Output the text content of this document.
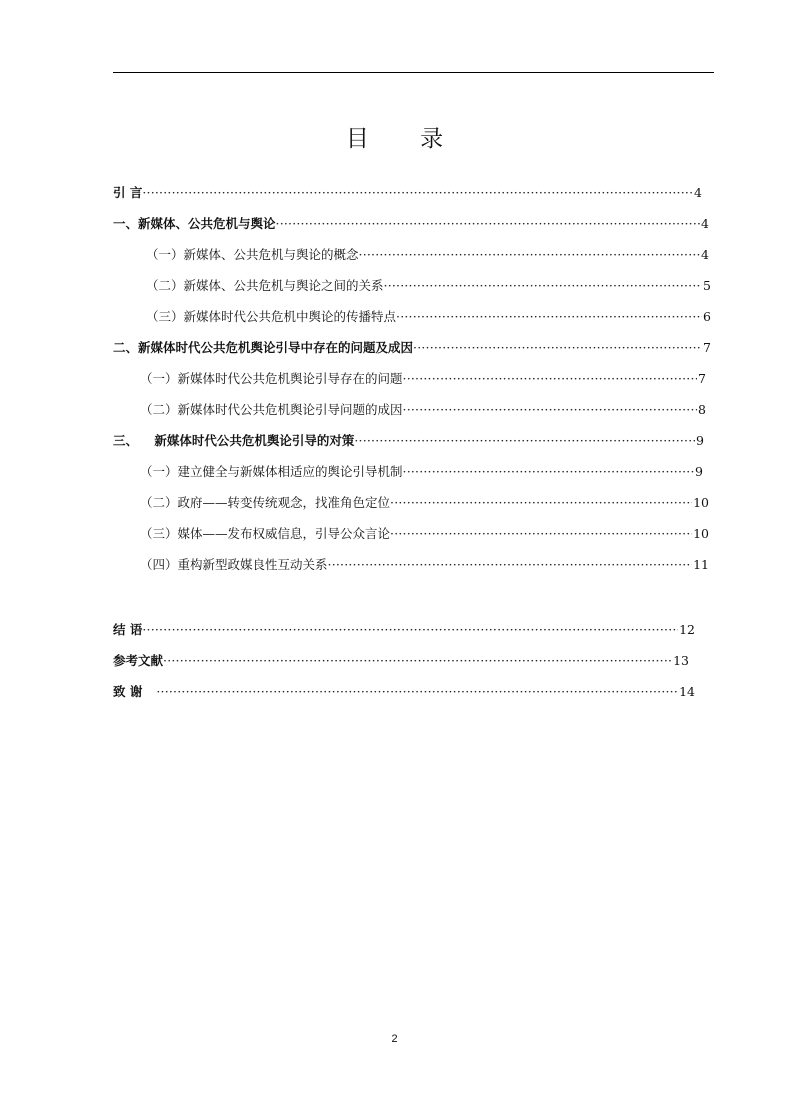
目 录
引 言 ·····	4
一、新媒体、公共危机与舆论 ·····	4
（一）新媒体、公共危机与舆论的概念 ·····	4
（二）新媒体、公共危机与舆论之间的关系 ·····	5
（三）新媒体时代公共危机中舆论的传播特点 ·····	6
二、新媒体时代公共危机舆论引导中存在的问题及成因 ·····	7
（一）新媒体时代公共危机舆论引导存在的问题 ·····	7
（二）新媒体时代公共危机舆论引导问题的成因 ·····	8
三、 新媒体时代公共危机舆论引导的对策 ·····	9
（一）建立健全与新媒体相适应的舆论引导机制 ·····	9
（二）政府——转变传统观念，找准角色定位 ·····	10
（三）媒体——发布权威信息，引导公众言论 ·····	10
（四）重构新型政媒良性互动关系 ·····	11
结 语 ·····	12
参考文献 ·····	13
致 谢 ·····	14
2
